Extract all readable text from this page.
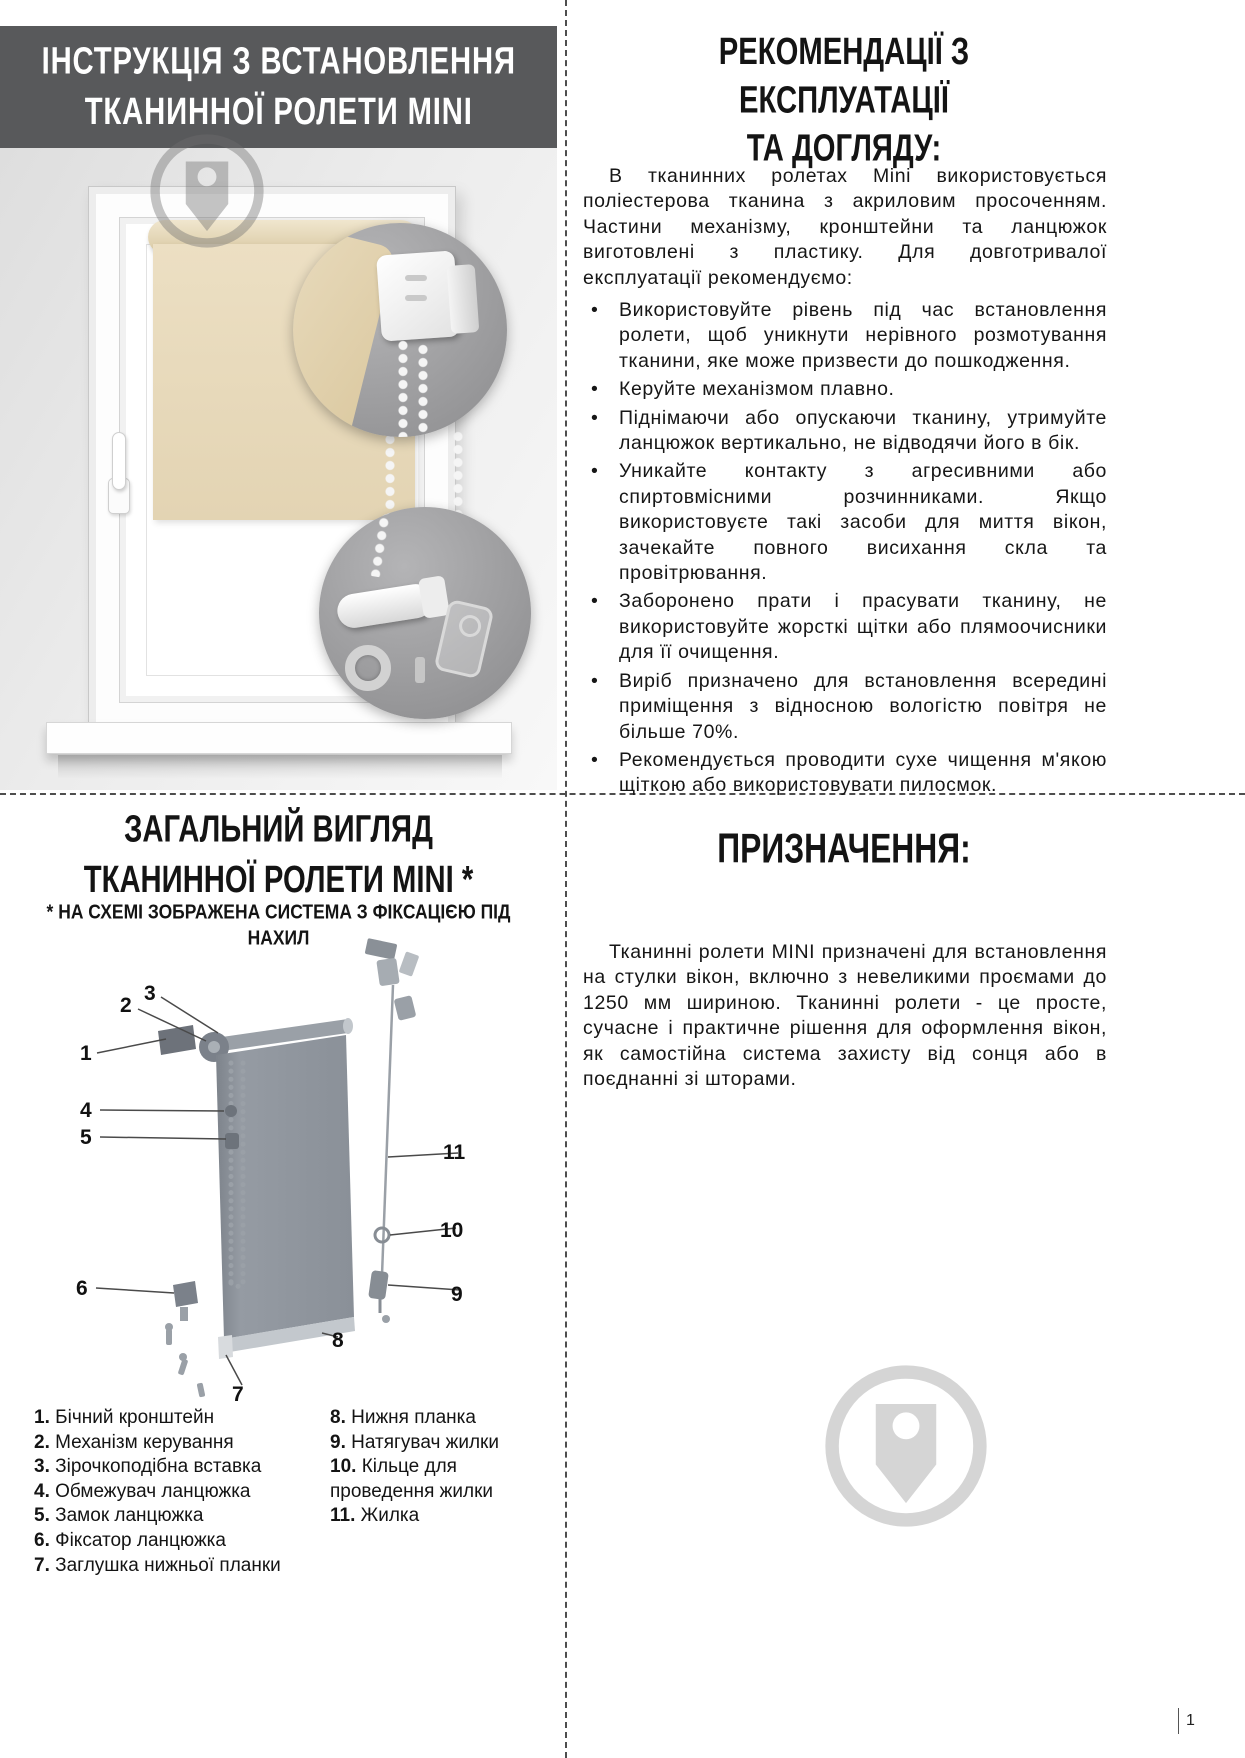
ІНСТРУКЦІЯ З ВСТАНОВЛЕННЯ
ТКАНИННОЇ РОЛЕТИ MINI
РЕКОМЕНДАЦІЇ З ЕКСПЛУАТАЦІЇ
ТА ДОГЛЯДУ:
В тканинних ролетах Mini використовується поліестерова тканина з акриловим просоченням. Частини механізму, кронштейни та ланцюжок виготовлені з пластику. Для довготривалої експлуатації рекомендуємо:
• Використовуйте рівень під час встановлення ролети, щоб уникнути нерівного розмотування тканини, яке може призвести до пошкодження.
• Керуйте механізмом плавно.
• Піднімаючи або опускаючи тканину, утримуйте ланцюжок вертикально, не відводячи його в бік.
• Уникайте контакту з агресивними або спиртовмісними розчинниками. Якщо використовуєте такі засоби для миття вікон, зачекайте повного висихання скла та провітрювання.
• Заборонено прати і прасувати тканину, не використовуйте жорсткі щітки або плямоочисники для її очищення.
• Виріб призначено для встановлення всередині приміщення з відносною вологістю повітря не більше 70%.
• Рекомендується проводити сухе чищення м'якою щіткою або використовувати пилосмок.
ЗАГАЛЬНИЙ ВИГЛЯД
ТКАНИННОЇ РОЛЕТИ MINI *
* НА СХЕМІ ЗОБРАЖЕНА СИСТЕМА З ФІКСАЦІЄЮ ПІД НАХИЛ
1
2
3
4
5
6
7
8
9
10
11
1. Бічний кронштейн
2. Механізм керування
3. Зірочкоподібна вставка
4. Обмежувач ланцюжка
5. Замок ланцюжка
6. Фіксатор ланцюжка
7. Заглушка нижньої планки
8. Нижня планка
9. Натягувач жилки
10. Кільце для проведення жилки
11. Жилка
ПРИЗНАЧЕННЯ:
Тканинні ролети MINI призначені для встановлення на стулки вікон, включно з невеликими проємами до 1250 мм шириною. Тканинні ролети - це просте, сучасне і практичне рішення для оформлення вікон, як самостійна система захисту від сонця або в поєднанні зі шторами.
1
